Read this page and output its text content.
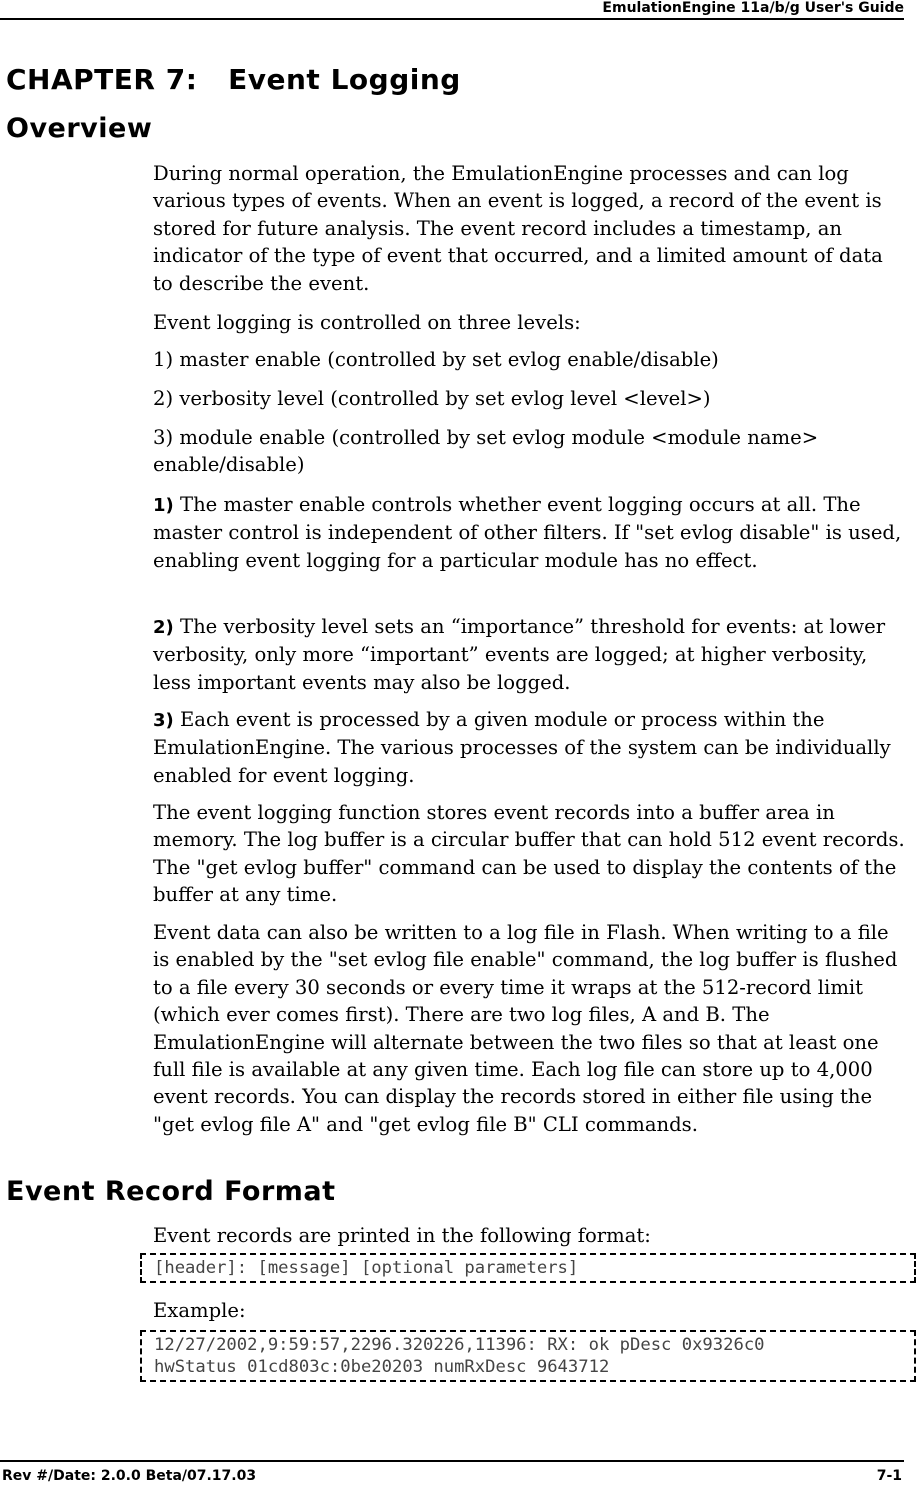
EmulationEngine 11a/b/g User's Guide
CHAPTER 7:   Event Logging
Overview

During normal operation, the EmulationEngine processes and can log various types of events. When an event is logged, a record of the event is stored for future analysis. The event record includes a timestamp, an indicator of the type of event that occurred, and a limited amount of data to describe the event.

Event logging is controlled on three levels:

1) master enable (controlled by set evlog enable/disable)

2) verbosity level (controlled by set evlog level <level>)

3) module enable (controlled by set evlog module <module name> enable/disable)

1) The master enable controls whether event logging occurs at all. The master control is independent of other filters. If "set evlog disable" is used, enabling event logging for a particular module has no effect.

2) The verbosity level sets an “importance” threshold for events: at lower verbosity, only more “important” events are logged; at higher verbosity, less important events may also be logged.

3) Each event is processed by a given module or process within the EmulationEngine. The various processes of the system can be individually enabled for event logging.

The event logging function stores event records into a buffer area in memory. The log buffer is a circular buffer that can hold 512 event records. The "get evlog buffer" command can be used to display the contents of the buffer at any time.

Event data can also be written to a log file in Flash. When writing to a file is enabled by the "set evlog file enable" command, the log buffer is flushed to a file every 30 seconds or every time it wraps at the 512-record limit (which ever comes first). There are two log files, A and B. The EmulationEngine will alternate between the two files so that at least one full file is available at any given time. Each log file can store up to 4,000 event records. You can display the records stored in either file using the "get evlog file A" and "get evlog file B" CLI commands.

Event Record Format

Event records are printed in the following format:

[header]: [message] [optional parameters]

Example:

12/27/2002,9:59:57,2296.320226,11396: RX: ok pDesc 0x9326c0
hwStatus 01cd803c:0be20203 numRxDesc 9643712
Rev #/Date: 2.0.0 Beta/07.17.03	7-1
